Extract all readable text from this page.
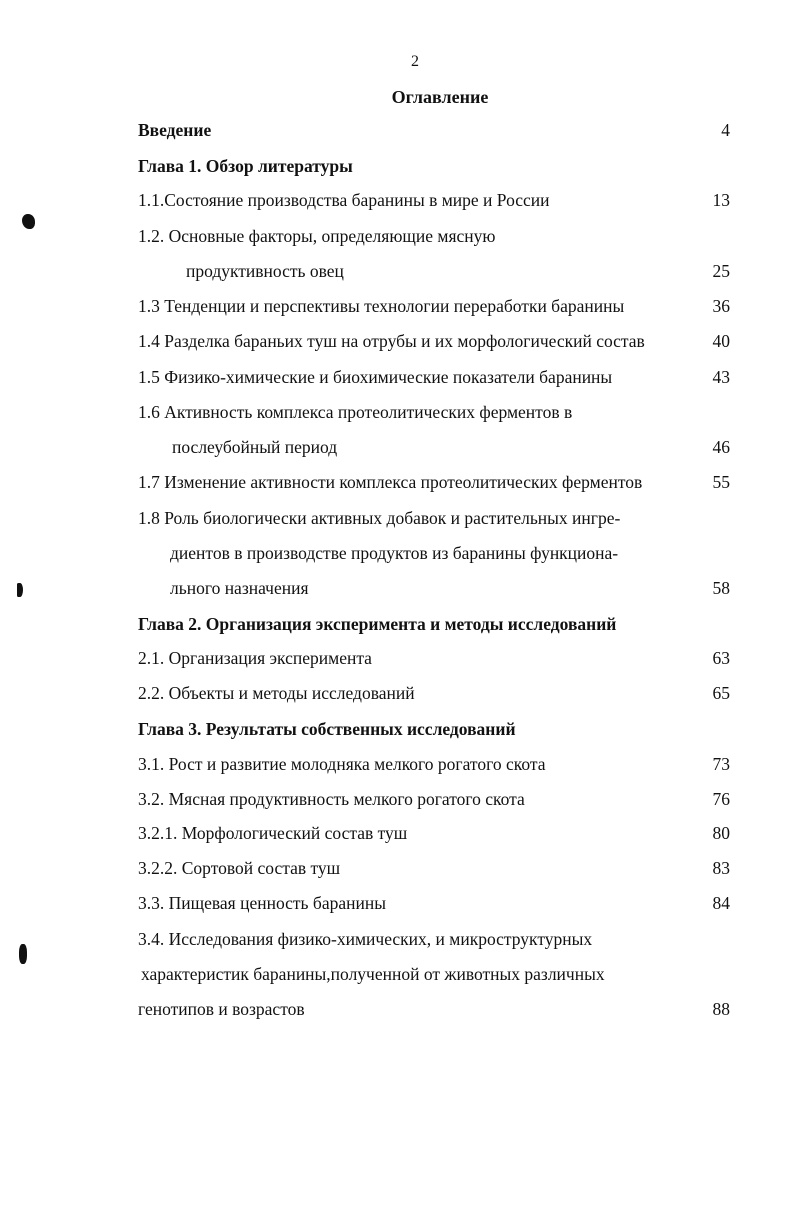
2
Оглавление
Введение	4
Глава 1. Обзор литературы
1.1.Состояние производства баранины в мире и России	13
1.2. Основные факторы, определяющие мясную
продуктивность овец	25
1.3 Тенденции и перспективы технологии переработки баранины	36
1.4 Разделка бараньих туш на отрубы и их морфологический состав	40
1.5 Физико-химические и биохимические показатели баранины	43
1.6 Активность комплекса протеолитических ферментов в
послеубойный период	46
1.7 Изменение активности комплекса протеолитических ферментов	55
1.8 Роль биологически активных добавок и растительных ингре-
диентов в производстве продуктов из баранины функциона-
льного назначения	58
Глава 2. Организация эксперимента и методы исследований
2.1. Организация эксперимента	63
2.2. Объекты и методы исследований	65
Глава 3. Результаты собственных исследований
3.1. Рост и развитие молодняка мелкого рогатого скота	73
3.2. Мясная продуктивность мелкого рогатого скота	76
3.2.1. Морфологический состав туш	80
3.2.2. Сортовой состав туш	83
3.3. Пищевая ценность баранины	84
3.4. Исследования физико-химических, и микроструктурных
характеристик баранины,полученной от животных различных
генотипов и возрастов	88
